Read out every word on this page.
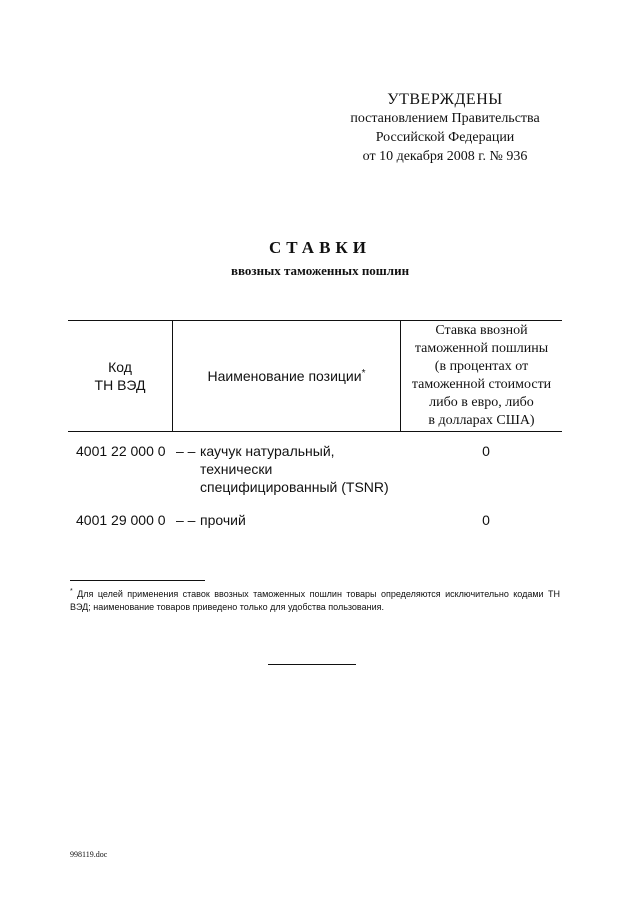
УТВЕРЖДЕНЫ
постановлением Правительства
Российской Федерации
от 10 декабря 2008 г. № 936
СТАВКИ
ввозных таможенных пошлин
Код
ТН ВЭД
Наименование позиции*
Ставка ввозной
таможенной пошлины
(в процентах от
таможенной стоимости
либо в евро, либо
в долларах США)
4001 22 000 0 – – каучук натуральный,
технически
специфицированный (TSNR)
0
4001 29 000 0 – – прочий	0
* Для целей применения ставок ввозных таможенных пошлин товары определяются исключительно кодами ТН ВЭД; наименование товаров приведено только для удобства пользования.
998119.doc
